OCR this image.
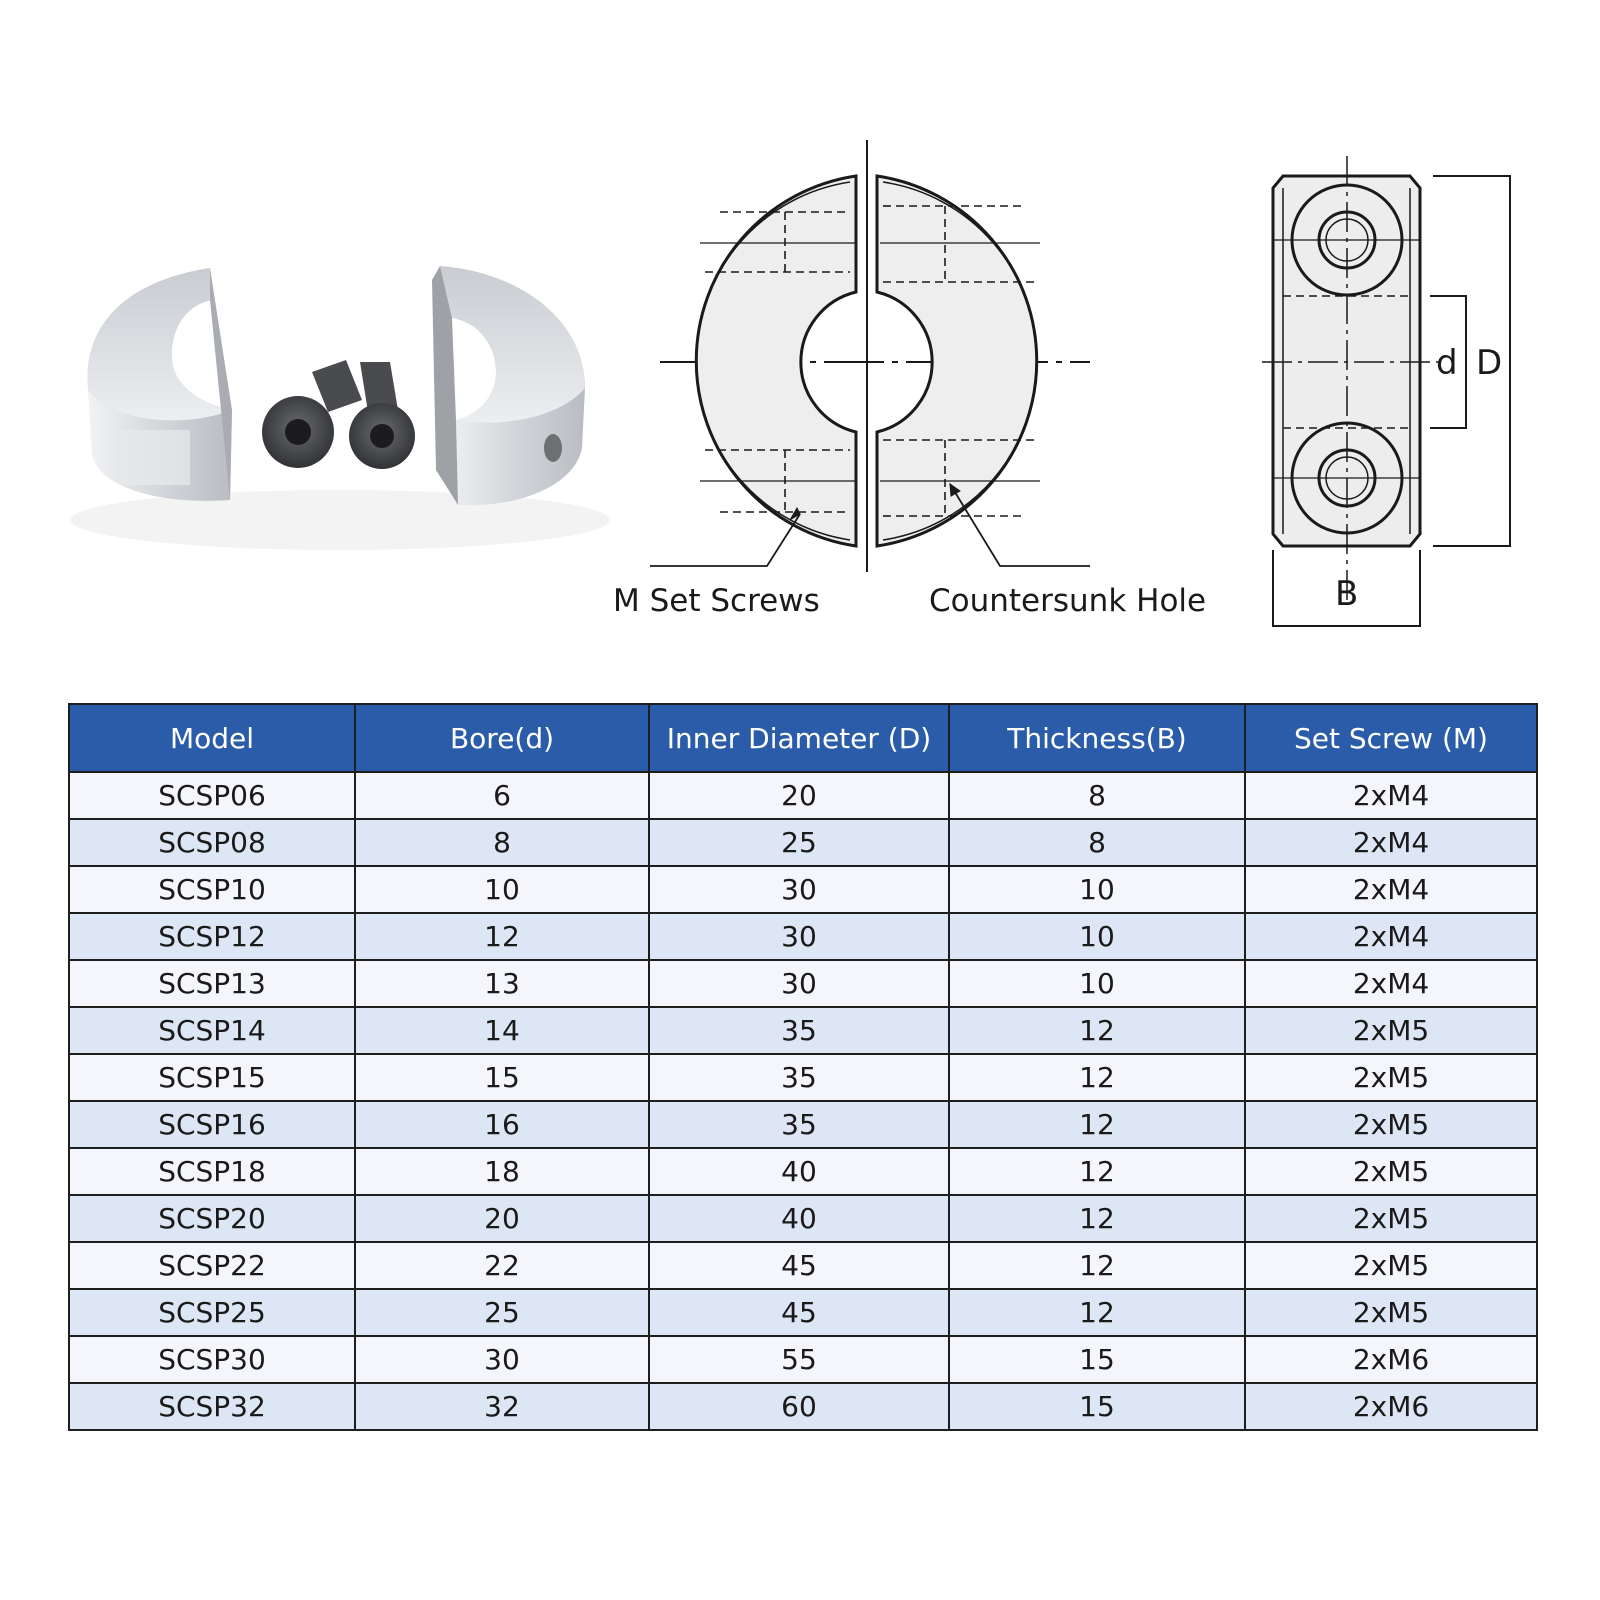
M Set Screws	Countersunk Hole
d D
B
Model	Bore(d)	Inner Diameter (D)	Thickness(B)	Set Screw (M)
SCSP06	6	20	8	2xM4
SCSP08	8	25	8	2xM4
SCSP10	10	30	10	2xM4
SCSP12	12	30	10	2xM4
SCSP13	13	30	10	2xM4
SCSP14	14	35	12	2xM5
SCSP15	15	35	12	2xM5
SCSP16	16	35	12	2xM5
SCSP18	18	40	12	2xM5
SCSP20	20	40	12	2xM5
SCSP22	22	45	12	2xM5
SCSP25	25	45	12	2xM5
SCSP30	30	55	15	2xM6
SCSP32	32	60	15	2xM6
